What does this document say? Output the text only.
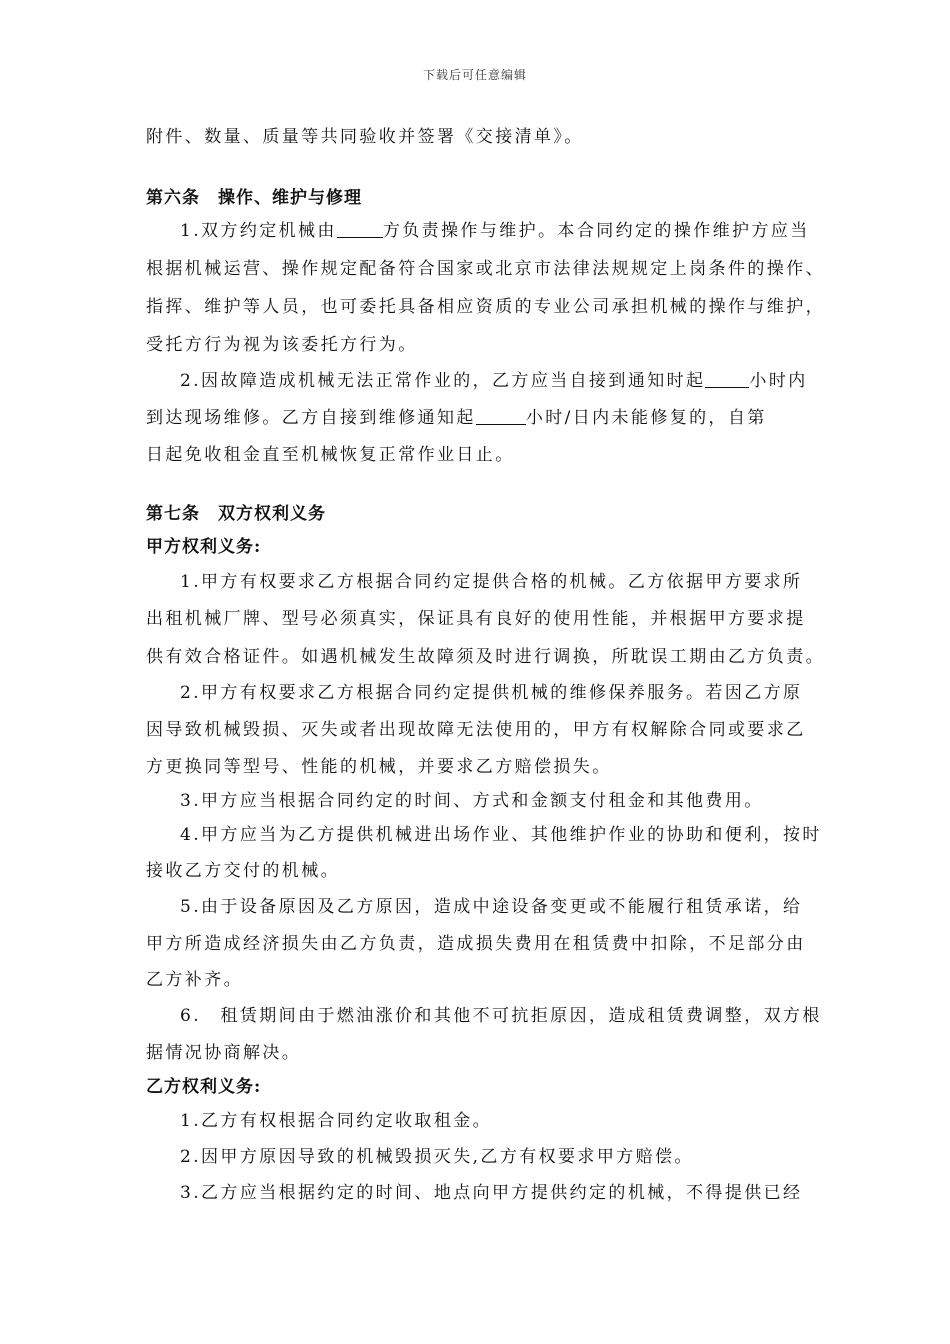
下载后可任意编辑
附件、数量、质量等共同验收并签署《交接清单》。
第六条　操作、维护与修理
1.双方约定机械由	方负责操作与维护。本合同约定的操作维护方应当
根据机械运营、操作规定配备符合国家或北京市法律法规规定上岗条件的操作、
指挥、维护等人员，也可委托具备相应资质的专业公司承担机械的操作与维护，
受托方行为视为该委托方行为。
2.因故障造成机械无法正常作业的，乙方应当自接到通知时起	小时内
到达现场维修。乙方自接到维修通知起	小时/日内未能修复的，自第
日起免收租金直至机械恢复正常作业日止。
第七条　双方权利义务
甲方权利义务:
1.甲方有权要求乙方根据合同约定提供合格的机械。乙方依据甲方要求所
出租机械厂牌、型号必须真实，保证具有良好的使用性能，并根据甲方要求提
供有效合格证件。如遇机械发生故障须及时进行调换，所耽误工期由乙方负责。
2.甲方有权要求乙方根据合同约定提供机械的维修保养服务。若因乙方原
因导致机械毁损、灭失或者出现故障无法使用的，甲方有权解除合同或要求乙
方更换同等型号、性能的机械，并要求乙方赔偿损失。
3.甲方应当根据合同约定的时间、方式和金额支付租金和其他费用。
4.甲方应当为乙方提供机械进出场作业、其他维护作业的协助和便利，按时
接收乙方交付的机械。
5.由于设备原因及乙方原因，造成中途设备变更或不能履行租赁承诺，给
甲方所造成经济损失由乙方负责，造成损失费用在租赁费中扣除，不足部分由
乙方补齐。
6.　租赁期间由于燃油涨价和其他不可抗拒原因，造成租赁费调整，双方根
据情况协商解决。
乙方权利义务:
1.乙方有权根据合同约定收取租金。
2.因甲方原因导致的机械毁损灭失,乙方有权要求甲方赔偿。
3.乙方应当根据约定的时间、地点向甲方提供约定的机械，不得提供已经
